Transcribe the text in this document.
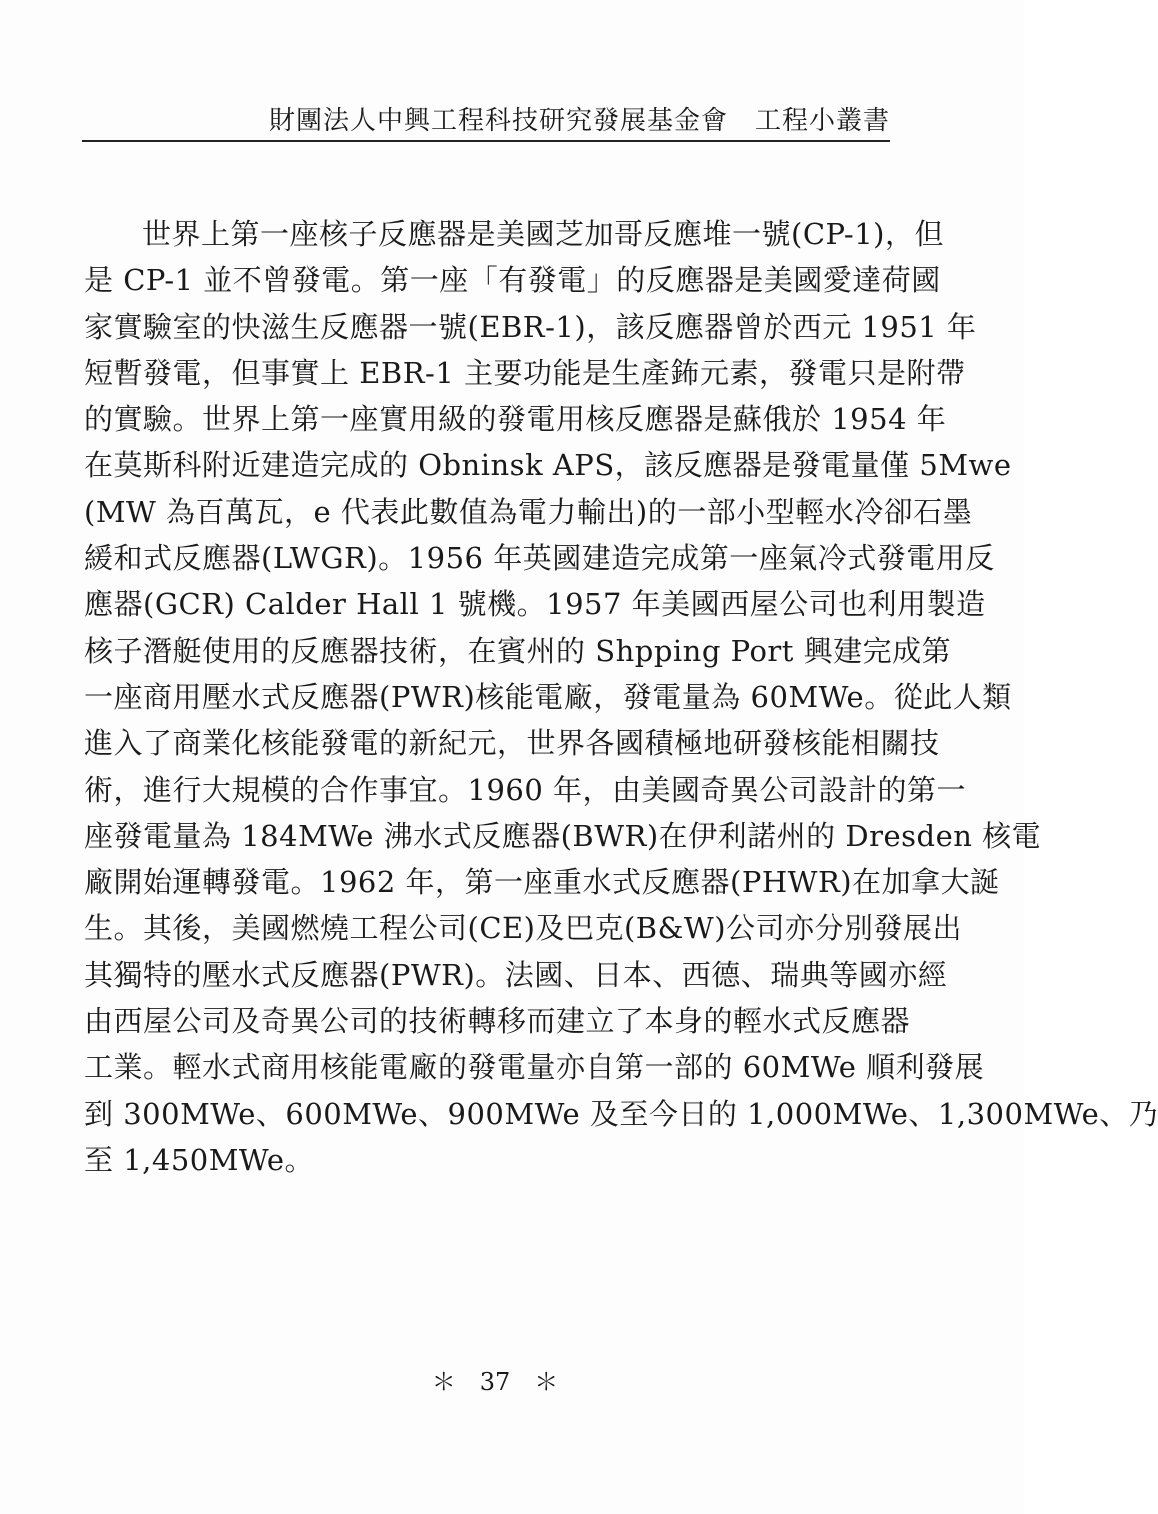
財團法人中興工程科技研究發展基金會　工程小叢書
世界上第一座核子反應器是美國芝加哥反應堆一號(CP-1)，但
是 CP-1 並不曾發電。第一座「有發電」的反應器是美國愛達荷國
家實驗室的快滋生反應器一號(EBR-1)，該反應器曾於西元 1951 年
短暫發電，但事實上 EBR-1 主要功能是生產鈽元素，發電只是附帶
的實驗。世界上第一座實用級的發電用核反應器是蘇俄於 1954 年
在莫斯科附近建造完成的 Obninsk APS，該反應器是發電量僅 5Mwe
(MW 為百萬瓦，e 代表此數值為電力輸出)的一部小型輕水冷卻石墨
緩和式反應器(LWGR)。1956 年英國建造完成第一座氣冷式發電用反
應器(GCR) Calder Hall 1 號機。1957 年美國西屋公司也利用製造
核子潛艇使用的反應器技術，在賓州的 Shpping Port 興建完成第
一座商用壓水式反應器(PWR)核能電廠，發電量為 60MWe。從此人類
進入了商業化核能發電的新紀元，世界各國積極地研發核能相關技
術，進行大規模的合作事宜。1960 年，由美國奇異公司設計的第一
座發電量為 184MWe 沸水式反應器(BWR)在伊利諾州的 Dresden 核電
廠開始運轉發電。1962 年，第一座重水式反應器(PHWR)在加拿大誕
生。其後，美國燃燒工程公司(CE)及巴克(B&W)公司亦分別發展出
其獨特的壓水式反應器(PWR)。法國、日本、西德、瑞典等國亦經
由西屋公司及奇異公司的技術轉移而建立了本身的輕水式反應器
工業。輕水式商用核能電廠的發電量亦自第一部的 60MWe 順利發展
到 300MWe、600MWe、900MWe 及至今日的 1,000MWe、1,300MWe、乃
至 1,450MWe。
＊　37　＊
